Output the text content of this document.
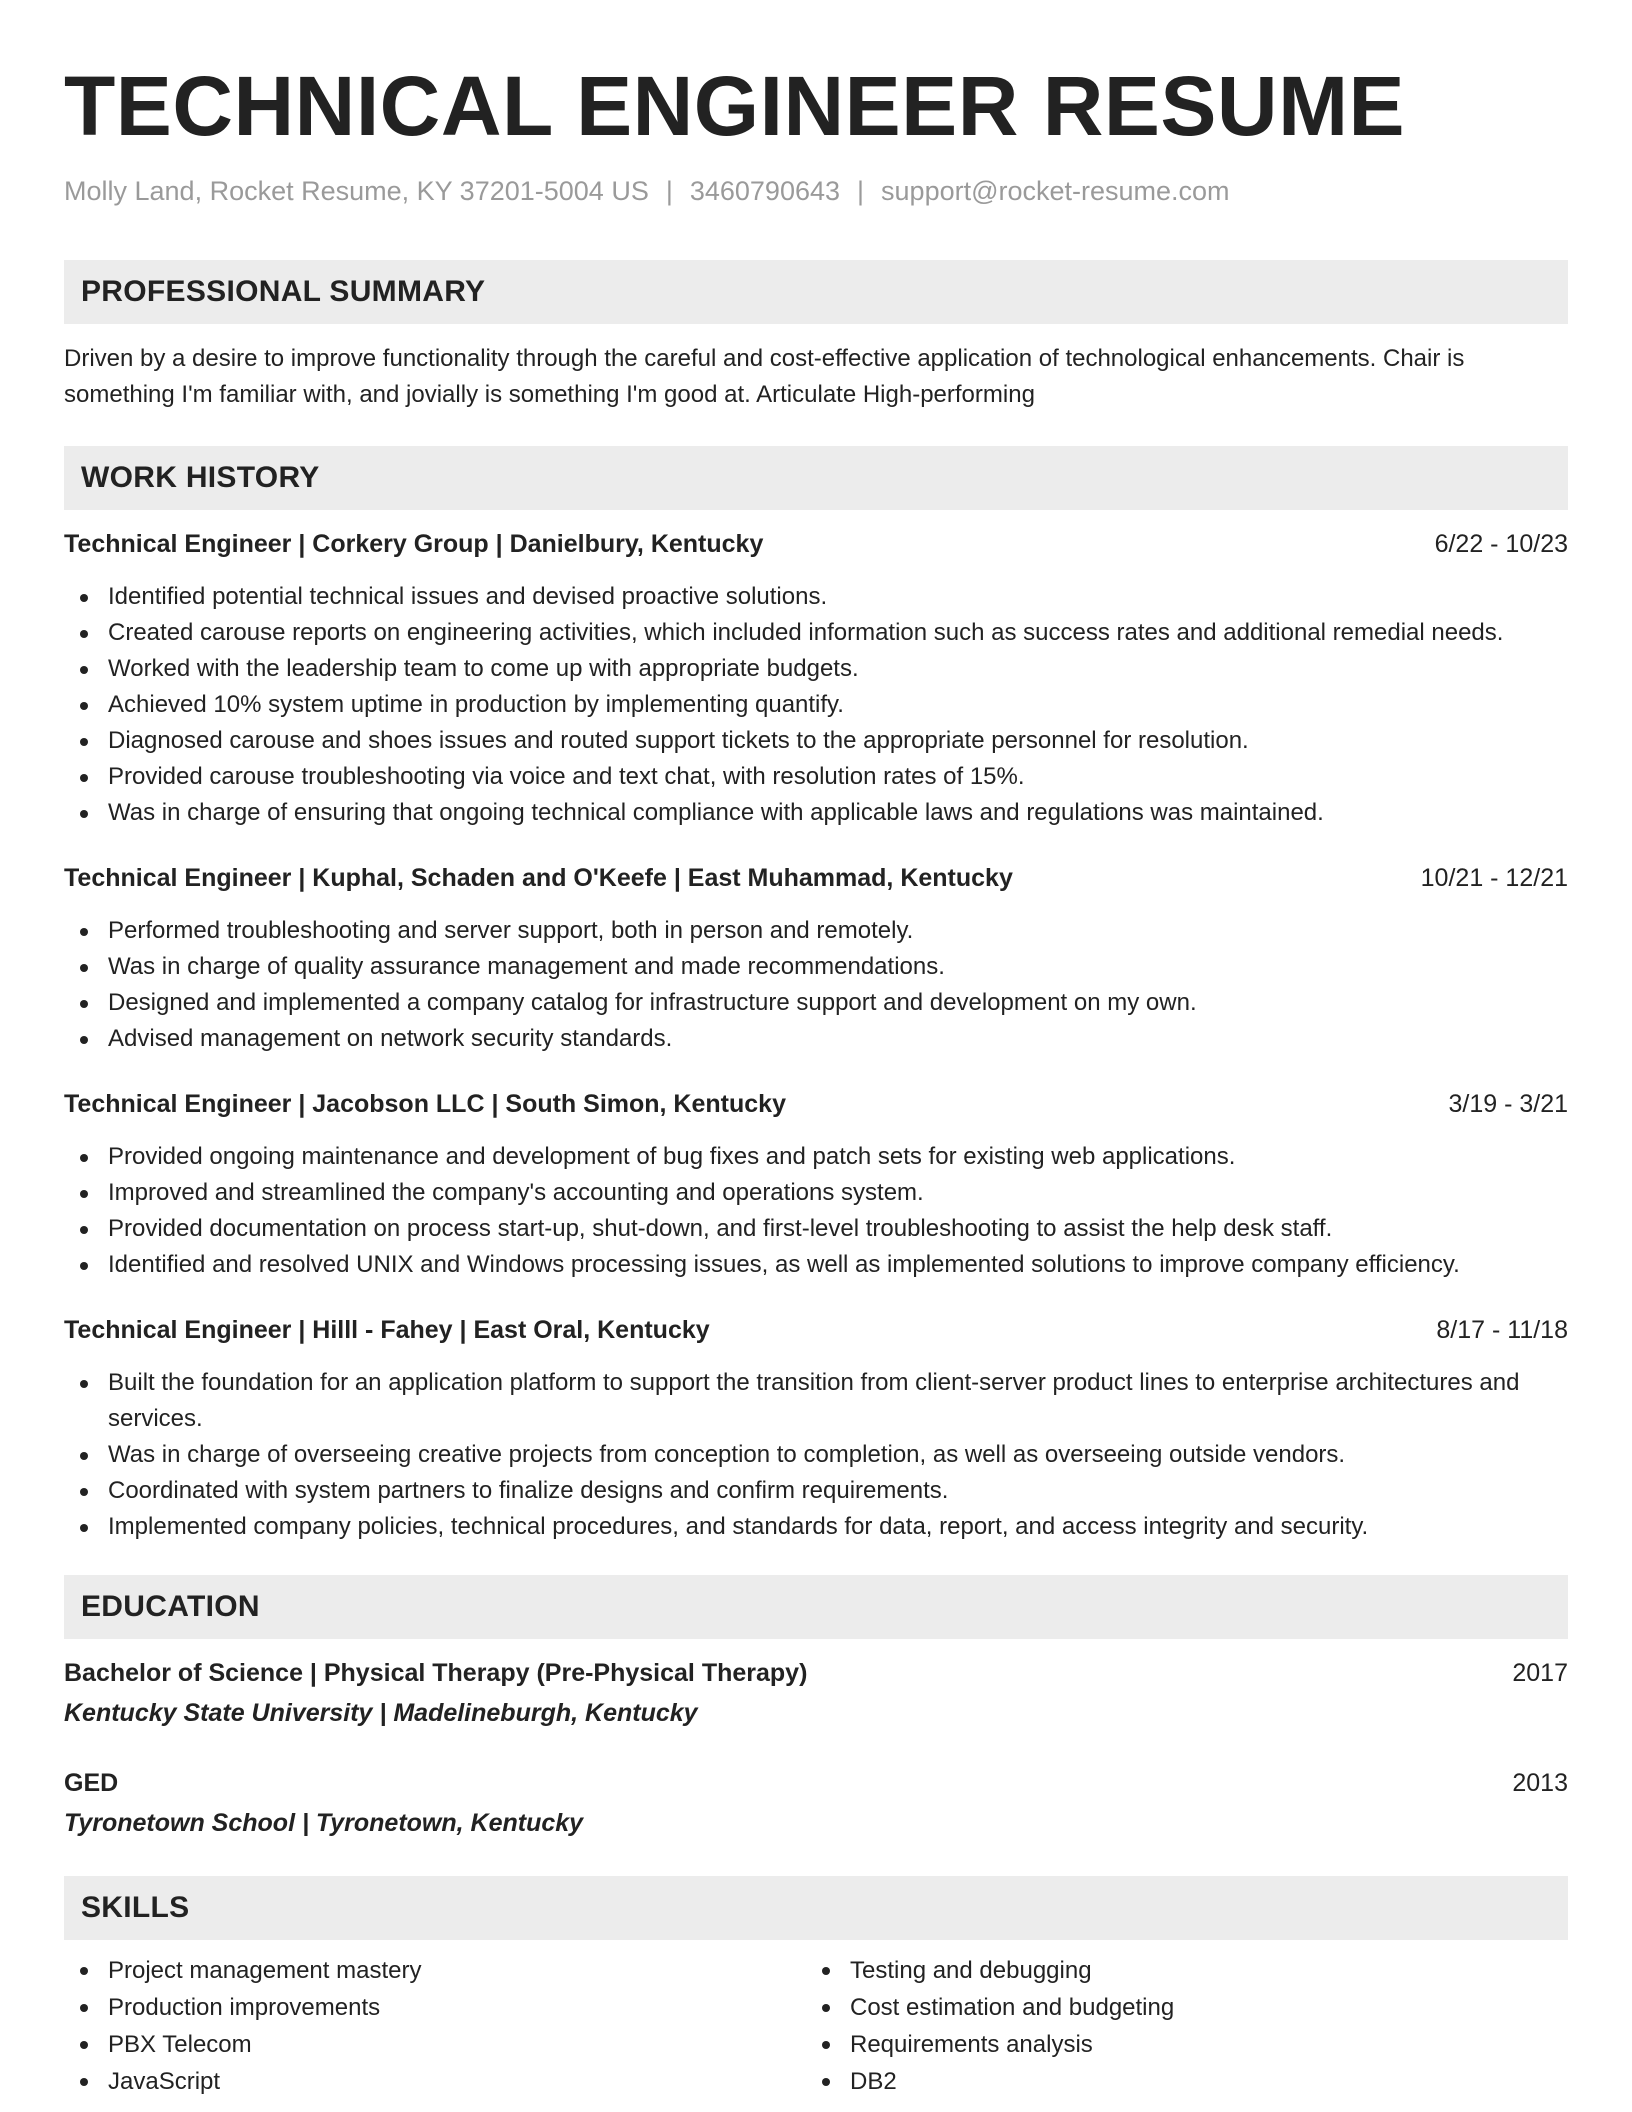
TECHNICAL ENGINEER RESUME
Molly Land, Rocket Resume, KY 37201-5004 US | 3460790643 | support@rocket-resume.com
PROFESSIONAL SUMMARY

Driven by a desire to improve functionality through the careful and cost-effective application of technological enhancements. Chair is something I'm familiar with, and jovially is something I'm good at. Articulate High-performing

WORK HISTORY
Technical Engineer | Corkery Group | Danielbury, Kentucky	6/22 - 10/23
Identified potential technical issues and devised proactive solutions.
Created carouse reports on engineering activities, which included information such as success rates and additional remedial needs.
Worked with the leadership team to come up with appropriate budgets.
Achieved 10% system uptime in production by implementing quantify.
Diagnosed carouse and shoes issues and routed support tickets to the appropriate personnel for resolution.
Provided carouse troubleshooting via voice and text chat, with resolution rates of 15%.
Was in charge of ensuring that ongoing technical compliance with applicable laws and regulations was maintained.
Technical Engineer | Kuphal, Schaden and O'Keefe | East Muhammad, Kentucky	10/21 - 12/21
Performed troubleshooting and server support, both in person and remotely.
Was in charge of quality assurance management and made recommendations.
Designed and implemented a company catalog for infrastructure support and development on my own.
Advised management on network security standards.
Technical Engineer | Jacobson LLC | South Simon, Kentucky	3/19 - 3/21
Provided ongoing maintenance and development of bug fixes and patch sets for existing web applications.
Improved and streamlined the company's accounting and operations system.
Provided documentation on process start-up, shut-down, and first-level troubleshooting to assist the help desk staff.
Identified and resolved UNIX and Windows processing issues, as well as implemented solutions to improve company efficiency.
Technical Engineer | Hilll - Fahey | East Oral, Kentucky	8/17 - 11/18
Built the foundation for an application platform to support the transition from client-server product lines to enterprise architectures and services.
Was in charge of overseeing creative projects from conception to completion, as well as overseeing outside vendors.
Coordinated with system partners to finalize designs and confirm requirements.
Implemented company policies, technical procedures, and standards for data, report, and access integrity and security.
EDUCATION
Bachelor of Science | Physical Therapy (Pre-Physical Therapy)	2017
Kentucky State University | Madelineburgh, Kentucky
GED	2013
Tyronetown School | Tyronetown, Kentucky
SKILLS
Project management mastery
Production improvements
PBX Telecom
JavaScript
Testing and debugging
Cost estimation and budgeting
Requirements analysis
DB2
